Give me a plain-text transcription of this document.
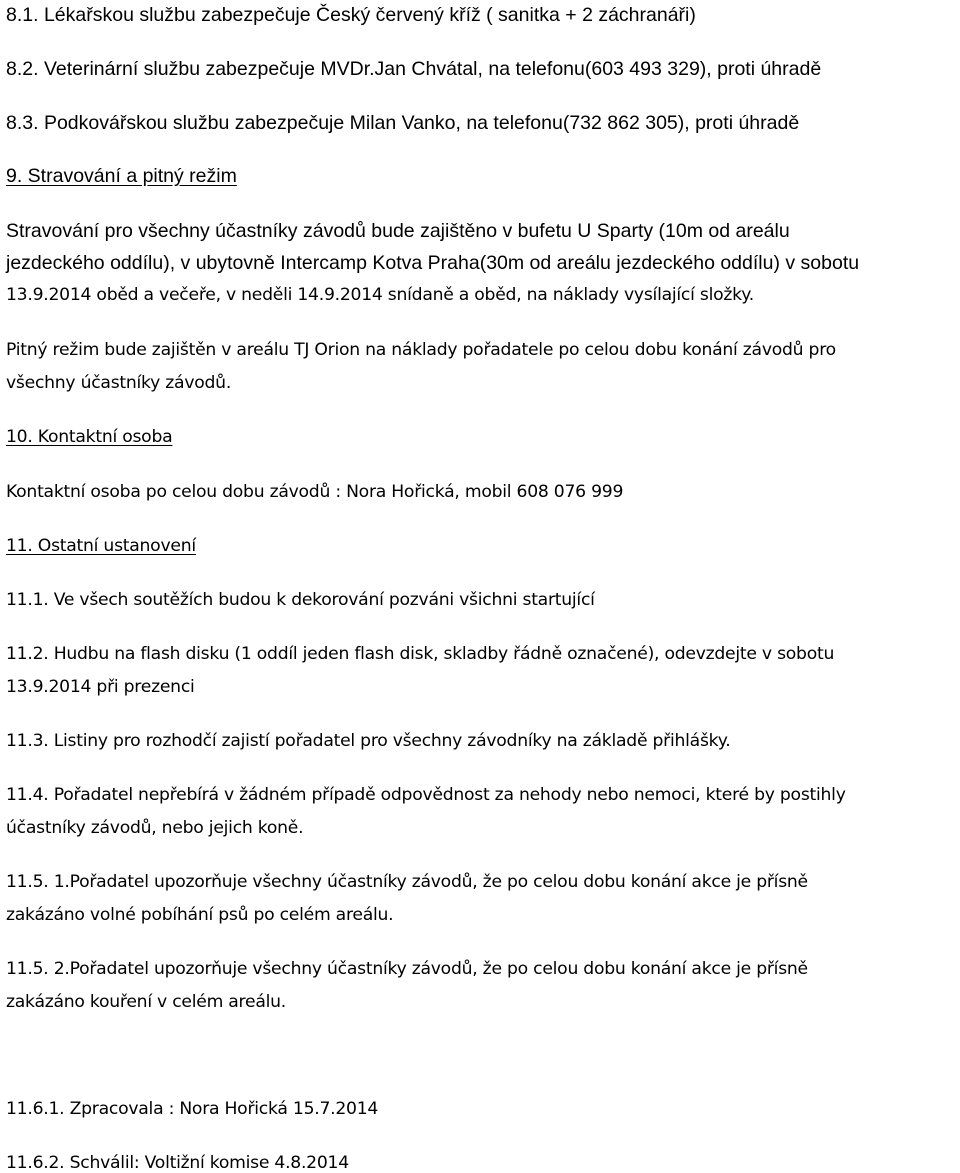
8.1. Lékařskou službu zabezpečuje Český červený kříž ( sanitka + 2 záchranáři)
8.2. Veterinární službu zabezpečuje MVDr.Jan Chvátal, na telefonu(603 493 329), proti úhradě
8.3. Podkovářskou službu zabezpečuje Milan Vanko, na telefonu(732 862 305), proti úhradě
9. Stravování a pitný režim
Stravování pro všechny účastníky závodů bude zajištěno v bufetu U Sparty (10m od areálu
jezdeckého oddílu), v ubytovně Intercamp Kotva Praha(30m od areálu jezdeckého oddílu) v sobotu
13.9.2014 oběd a večeře, v neděli 14.9.2014 snídaně a oběd, na náklady vysílající složky.
Pitný režim bude zajištěn v areálu TJ Orion na náklady pořadatele po celou dobu konání závodů pro
všechny účastníky závodů.
10. Kontaktní osoba
Kontaktní osoba po celou dobu závodů : Nora Hořická, mobil 608 076 999
11. Ostatní ustanovení
11.1. Ve všech soutěžích budou k dekorování pozváni všichni startující
11.2. Hudbu na flash disku (1 oddíl jeden flash disk, skladby řádně označené), odevzdejte v sobotu
13.9.2014 při prezenci
11.3. Listiny pro rozhodčí zajistí pořadatel pro všechny závodníky na základě přihlášky.
11.4. Pořadatel nepřebírá v žádném případě odpovědnost za nehody nebo nemoci, které by postihly
účastníky závodů, nebo jejich koně.
11.5. 1.Pořadatel upozorňuje všechny účastníky závodů, že po celou dobu konání akce je přísně
zakázáno volné pobíhání psů po celém areálu.
11.5. 2.Pořadatel upozorňuje všechny účastníky závodů, že po celou dobu konání akce je přísně
zakázáno kouření v celém areálu.
11.6.1. Zpracovala : Nora Hořická 15.7.2014
11.6.2. Schválil: Voltižní komise 4.8.2014
